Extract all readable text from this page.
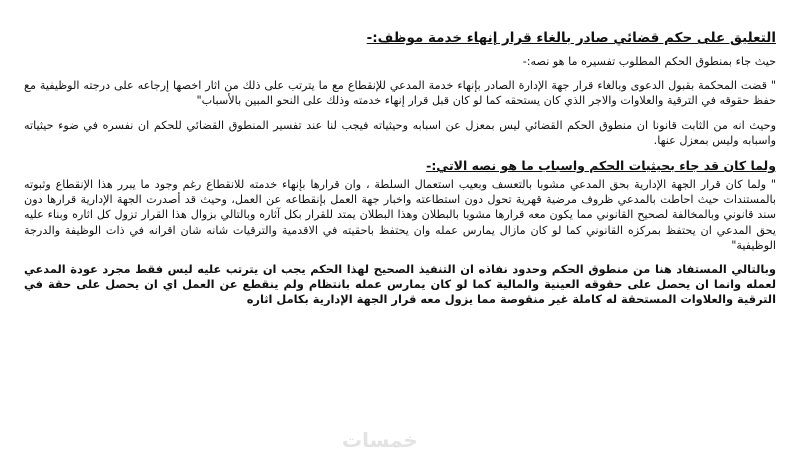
التعليق على حكم قضائي صادر بالغاء قرار إنهاء خدمة موظف:-

حيث جاء بمنطوق الحكم المطلوب تفسيره ما هو نصه:-

" قضت المحكمة بقبول الدعوى وبالغاء قرار جهة الإدارة الصادر بإنهاء خدمة المدعي للإنقطاع مع ما يترتب على ذلك من اثار اخصها إرجاعه على درجته الوظيفية مع حفظ حقوقه في الترقية والعلاوات والاجر الذي كان يستحقه كما لو كان قبل قرار إنهاء خدمته وذلك على النحو المبين بالأسباب"

وحيث انه من الثابت قانونا ان منطوق الحكم القضائي ليس بمعزل عن اسبابه وحيثياته فيجب لنا عند تفسير المنطوق القضائي للحكم ان نفسره في ضوء حيثياته واسبابه وليس بمعزل عنها.

ولما كان قد جاء بحيثيات الحكم واسباب ما هو نصه الاتي:-

" ولما كان قرار الجهة الإدارية بحق المدعي مشوبا بالتعسف وبعيب استعمال السلطة ، وان قرارها بإنهاء خدمته للانقطاع رغم وجود ما يبرر هذا الإنقطاع وثبوته بالمستندات حيث احاطت بالمدعي ظروف مرضية قهرية تحول دون استطاعته واخبار جهة العمل بإنقطاعه عن العمل، وحيث قد أصدرت الجهة الإدارية قرارها دون سند قانوني وبالمخالفة لصحيح القانوني مما يكون معه قرارها مشوبا بالبطلان وهذا البطلان يمتد للقرار بكل آثاره وبالتالي بزوال هذا القرار تزول كل اثاره وبناء عليه يحق المدعي ان يحتفظ بمركزه القانوني كما لو كان مازال يمارس عمله وان يحتفظ باحقيته في الاقدمية والترقيات شانه شان اقرانه في ذات الوظيفة والدرجة الوظيفية"

وبالتالي المستفاد هنا من منطوق الحكم وحدود نفاذه ان التنفيذ الصحيح لهذا الحكم يجب ان يترتب عليه ليس فقط مجرد عودة المدعي لعمله وانما ان يحصل على حقوقه العينية والمالية كما لو كان يمارس عمله بانتظام ولم ينقطع عن العمل اي ان يحصل على حقة في الترقية والعلاوات المستحقة له كاملة غير منقوصة مما يزول معه قرار الجهة الإدارية بكامل اثاره

خمسات
